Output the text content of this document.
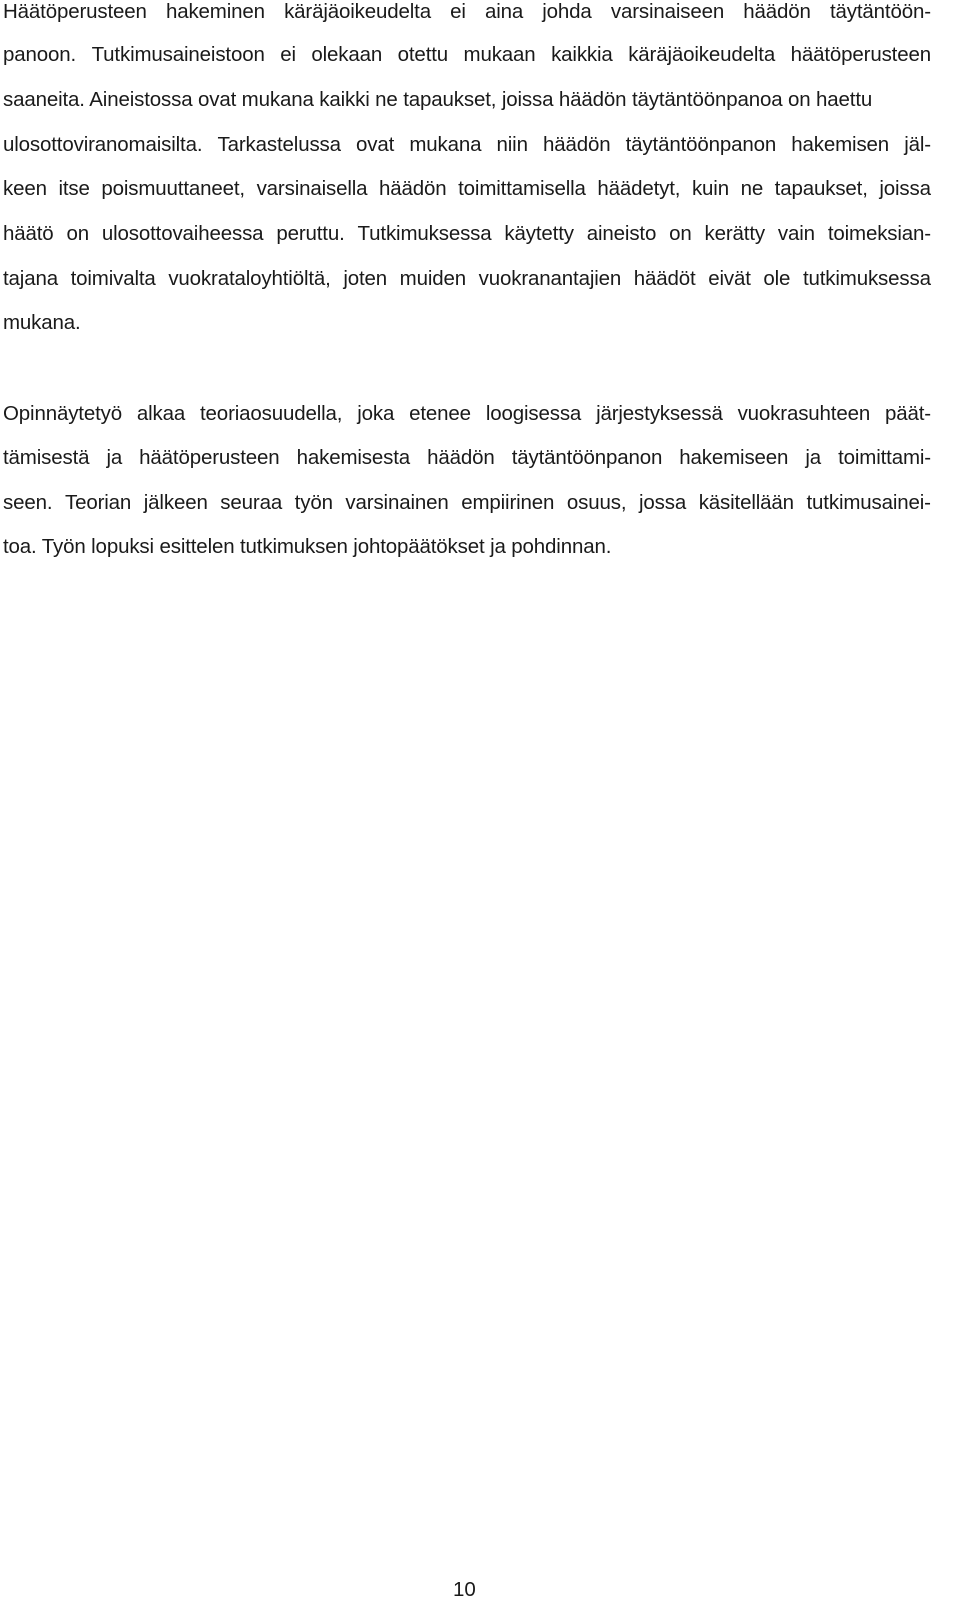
Häätöperusteen hakeminen käräjäoikeudelta ei aina johda varsinaiseen häädön täytäntöön-
panoon. Tutkimusaineistoon ei olekaan otettu mukaan kaikkia käräjäoikeudelta häätöperusteen
saaneita. Aineistossa ovat mukana kaikki ne tapaukset, joissa häädön täytäntöönpanoa on haettu
ulosottoviranomaisilta. Tarkastelussa ovat mukana niin häädön täytäntöönpanon hakemisen jäl-
keen itse poismuuttaneet, varsinaisella häädön toimittamisella häädetyt, kuin ne tapaukset, joissa
häätö on ulosottovaiheessa peruttu. Tutkimuksessa käytetty aineisto on kerätty vain toimeksian-
tajana toimivalta vuokrataloyhtiöltä, joten muiden vuokranantajien häädöt eivät ole tutkimuksessa
mukana.
Opinnäytetyö alkaa teoriaosuudella, joka etenee loogisessa järjestyksessä vuokrasuhteen päät-
tämisestä ja häätöperusteen hakemisesta häädön täytäntöönpanon hakemiseen ja toimittami-
seen. Teorian jälkeen seuraa työn varsinainen empiirinen osuus, jossa käsitellään tutkimusainei-
toa. Työn lopuksi esittelen tutkimuksen johtopäätökset ja pohdinnan.
10
